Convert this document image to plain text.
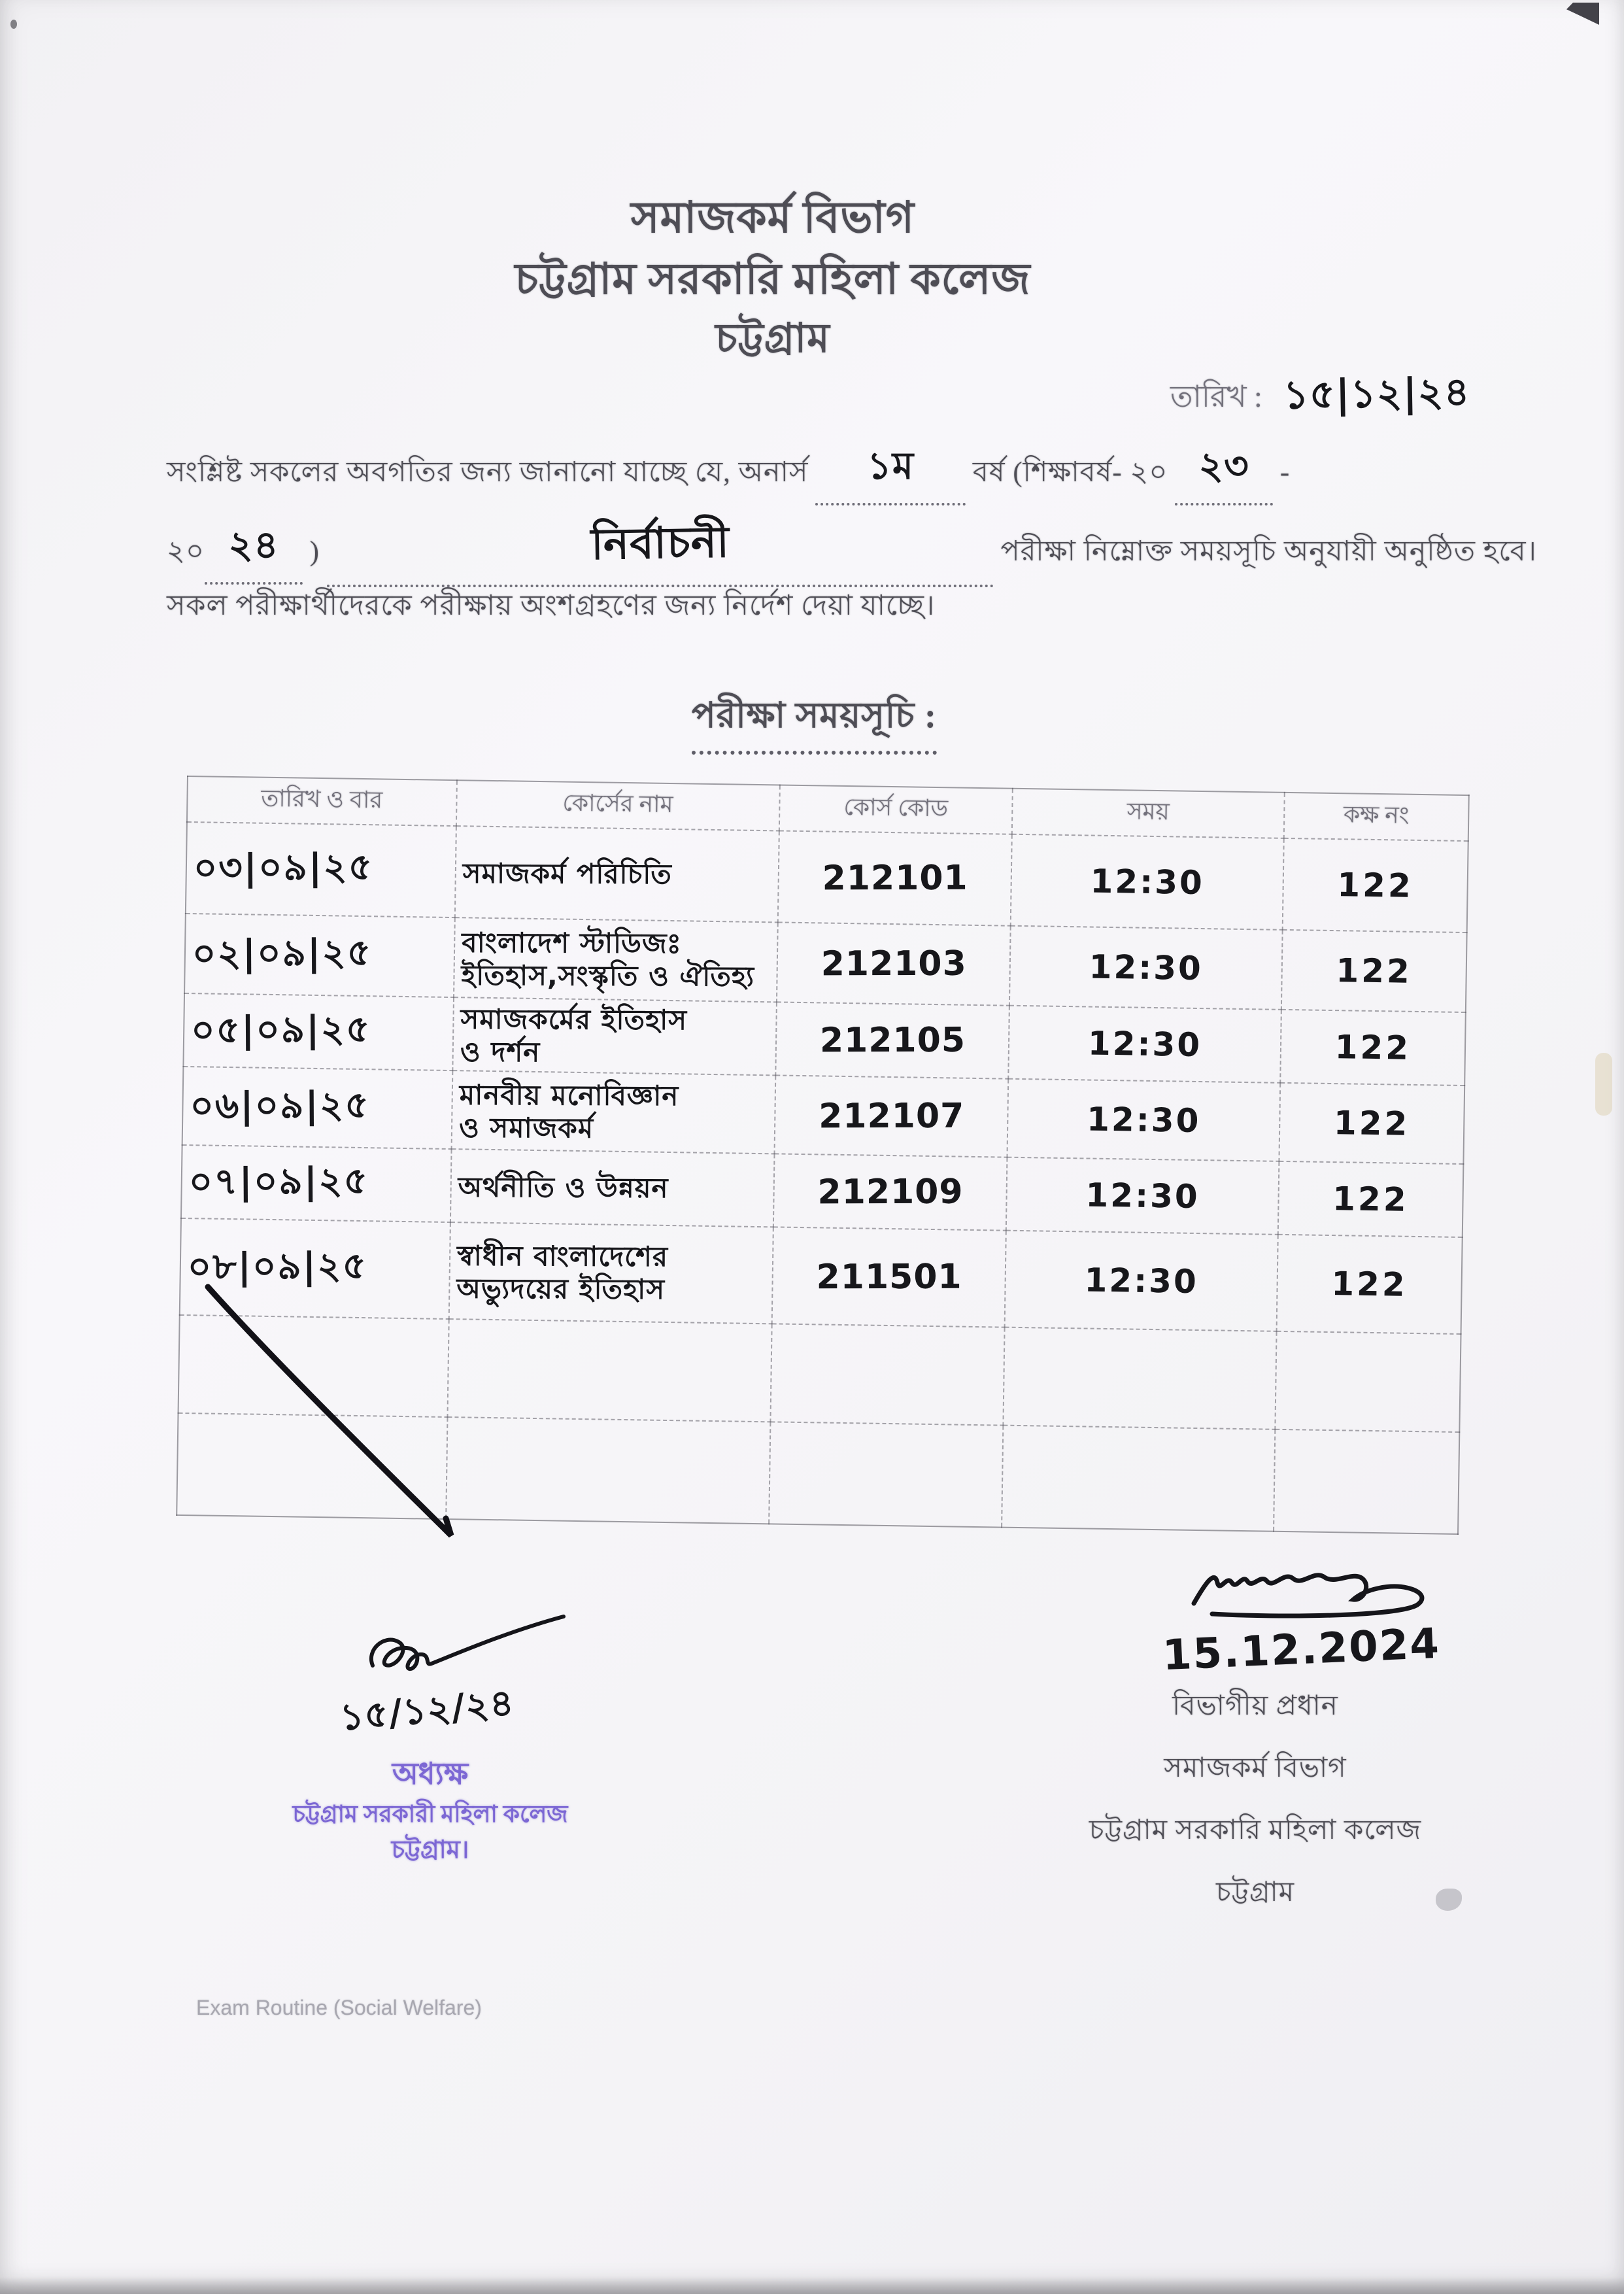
সমাজকর্ম বিভাগ
চট্টগ্রাম সরকারি মহিলা কলেজ
চট্টগ্রাম
তারিখ : ১৫|১২|২৪
সংশ্লিষ্ট সকলের অবগতির জন্য জানানো যাচ্ছে যে, অনার্স ১ম বর্ষ (শিক্ষাবর্ষ- ২০ ২৩ -
২০ ২৪ )	নির্বাচনী	পরীক্ষা নিম্নোক্ত সময়সূচি অনুযায়ী অনুষ্ঠিত হবে।
সকল পরীক্ষার্থীদেরকে পরীক্ষায় অংশগ্রহণের জন্য নির্দেশ দেয়া যাচ্ছে।
পরীক্ষা সময়সূচি :
তারিখ ও বার	কোর্সের নাম	কোর্স কোড	সময়	কক্ষ নং

০৩|০৯|২৫	সমাজকর্ম পরিচিতি	212101	12:30	122

০২|০৯|২৫	বাংলাদেশ স্টাডিজঃ
ইতিহাস,সংস্কৃতি ও ঐতিহ্য	212103	12:30	122

০৫|০৯|২৫	সমাজকর্মের ইতিহাস
ও দর্শন	212105	12:30	122

০৬|০৯|২৫	মানবীয় মনোবিজ্ঞান
ও সমাজকর্ম	212107	12:30	122

০৭|০৯|২৫	অর্থনীতি ও উন্নয়ন	212109	12:30	122

০৮|০৯|২৫	স্বাধীন বাংলাদেশের
অভ্যুদয়ের ইতিহাস	211501	12:30	122

১৫/১২/২৪
অধ্যক্ষ
চট্টগ্রাম সরকারী মহিলা কলেজ
চট্টগ্রাম।
15.12.2024
বিভাগীয় প্রধান
সমাজকর্ম বিভাগ
চট্টগ্রাম সরকারি মহিলা কলেজ
চট্টগ্রাম
Exam Routine (Social Welfare)
